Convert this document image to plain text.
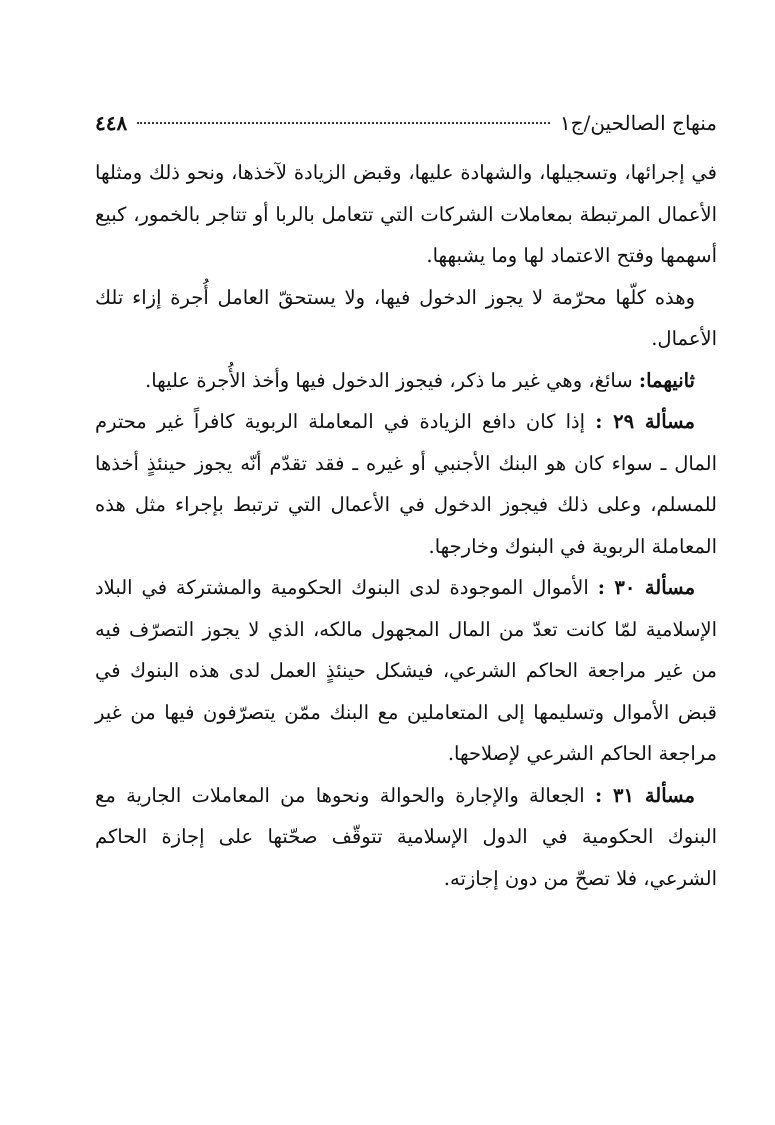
منهاج الصالحين/ج١
٤٤٨

في إجرائها، وتسجيلها، والشهادة عليها، وقبض الزيادة لآخذها، ونحو ذلك ومثلها الأعمال المرتبطة بمعاملات الشركات التي تتعامل بالربا أو تتاجر بالخمور، كبيع أسهمها وفتح الاعتماد لها وما يشبهها.

وهذه كلّها محرّمة لا يجوز الدخول فيها، ولا يستحقّ العامل أُجرة إزاء تلك الأعمال.

ثانيهما: سائغ، وهي غير ما ذكر، فيجوز الدخول فيها وأخذ الأُجرة عليها.

مسألة ٢٩ : إذا كان دافع الزيادة في المعاملة الربوية كافراً غير محترم المال ـ سواء كان هو البنك الأجنبي أو غيره ـ فقد تقدّم أنّه يجوز حينئذٍ أخذها للمسلم، وعلى ذلك فيجوز الدخول في الأعمال التي ترتبط بإجراء مثل هذه المعاملة الربوية في البنوك وخارجها.

مسألة ٣٠ : الأموال الموجودة لدى البنوك الحكومية والمشتركة في البلاد الإسلامية لمّا كانت تعدّ من المال المجهول مالكه، الذي لا يجوز التصرّف فيه من غير مراجعة الحاكم الشرعي، فيشكل حينئذٍ العمل لدى هذه البنوك في قبض الأموال وتسليمها إلى المتعاملين مع البنك ممّن يتصرّفون فيها من غير مراجعة الحاكم الشرعي لإصلاحها.

مسألة ٣١ : الجعالة والإجارة والحوالة ونحوها من المعاملات الجارية مع البنوك الحكومية في الدول الإسلامية تتوقّف صحّتها على إجازة الحاكم الشرعي، فلا تصحّ من دون إجازته.
